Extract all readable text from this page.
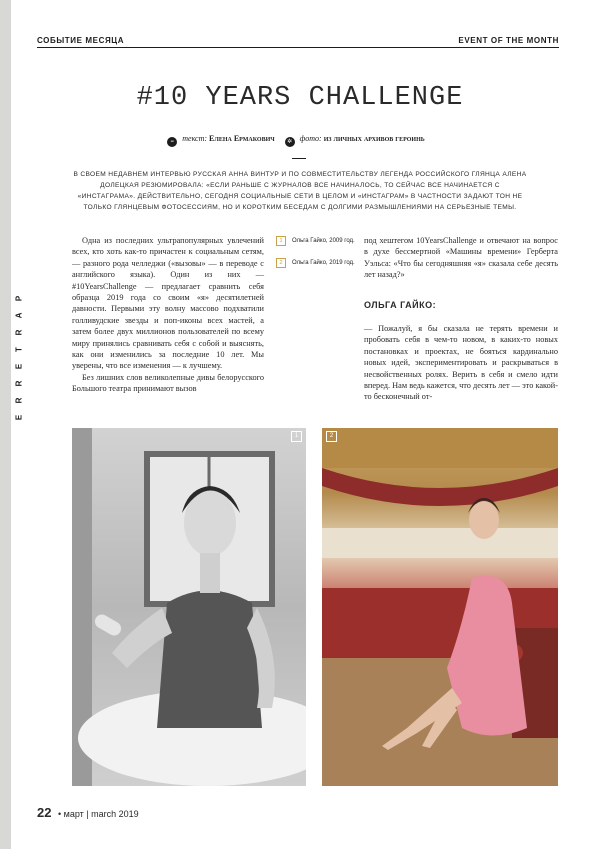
P
A
R
T
E
R
R
E
СОБЫТИЕ МЕСЯЦА	EVENT OF THE MONTH
#10 YEARS CHALLENGE
≡ текст: Елена Ермакович ✲ фото: из личных архивов героинь
В СВОЕМ НЕДАВНЕМ ИНТЕРВЬЮ РУССКАЯ АННА ВИНТУР И ПО СОВМЕСТИТЕЛЬСТВУ ЛЕГЕНДА РОССИЙСКОГО ГЛЯНЦА АЛЕНА ДОЛЕЦКАЯ РЕЗЮМИРОВАЛА: «ЕСЛИ РАНЬШЕ С ЖУРНАЛОВ ВСЕ НАЧИНАЛОСЬ, ТО СЕЙЧАС ВСЕ НАЧИНАЕТСЯ С «ИНСТАГРАМА». ДЕЙСТВИТЕЛЬНО, СЕГОДНЯ СОЦИАЛЬНЫЕ СЕТИ В ЦЕЛОМ И «ИНСТАГРАМ» В ЧАСТНОСТИ ЗАДАЮТ ТОН НЕ ТОЛЬКО ГЛЯНЦЕВЫМ ФОТОСЕССИЯМ, НО И КОРОТКИМ БЕСЕДАМ С ДОЛГИМИ РАЗМЫШЛЕНИЯМИ НА СЕРЬЕЗНЫЕ ТЕМЫ.

Одна из последних ультрапопулярных увлечений всех, кто хоть как-то причастен к социальным сетям, — разного рода челледжи («вызовы» — в переводе с английского языка). Один из них — #10YearsChallenge — предлагает сравнить себя образца 2019 года со своим «я» десятилетней давности. Первыми эту волну массово подхватили голливудские звезды и поп-иконы всех мастей, а затем более двух миллионов пользователей по всему миру принялись сравнивать себя с собой и выяснять, как они изменились за последние 10 лет. Мы уверены, что все изменения — к лучшему.

Без лишних слов великолепные дивы белорусского Большого театра принимают вызов

1	Ольга Гайко, 2009 год.
2	Ольга Гайко, 2019 год.

под хештегом 10YearsChallenge и отвечают на вопрос в духе бессмертной «Машины времени» Герберта Уэльса: «Что бы сегодняшняя «я» сказала себе десять лет назад?»

ОЛЬГА ГАЙКО:

— Пожалуй, я бы сказала не терять времени и пробовать себя в чем-то новом, в каких-то новых постановках и проектах, не бояться кардинально новых идей, экспериментировать и раскрываться в несвойственных ролях. Верить в себя и смело идти вперед. Нам ведь кажется, что десять лет — это какой-то бесконечный от-

1	2
22 • март | march 2019
